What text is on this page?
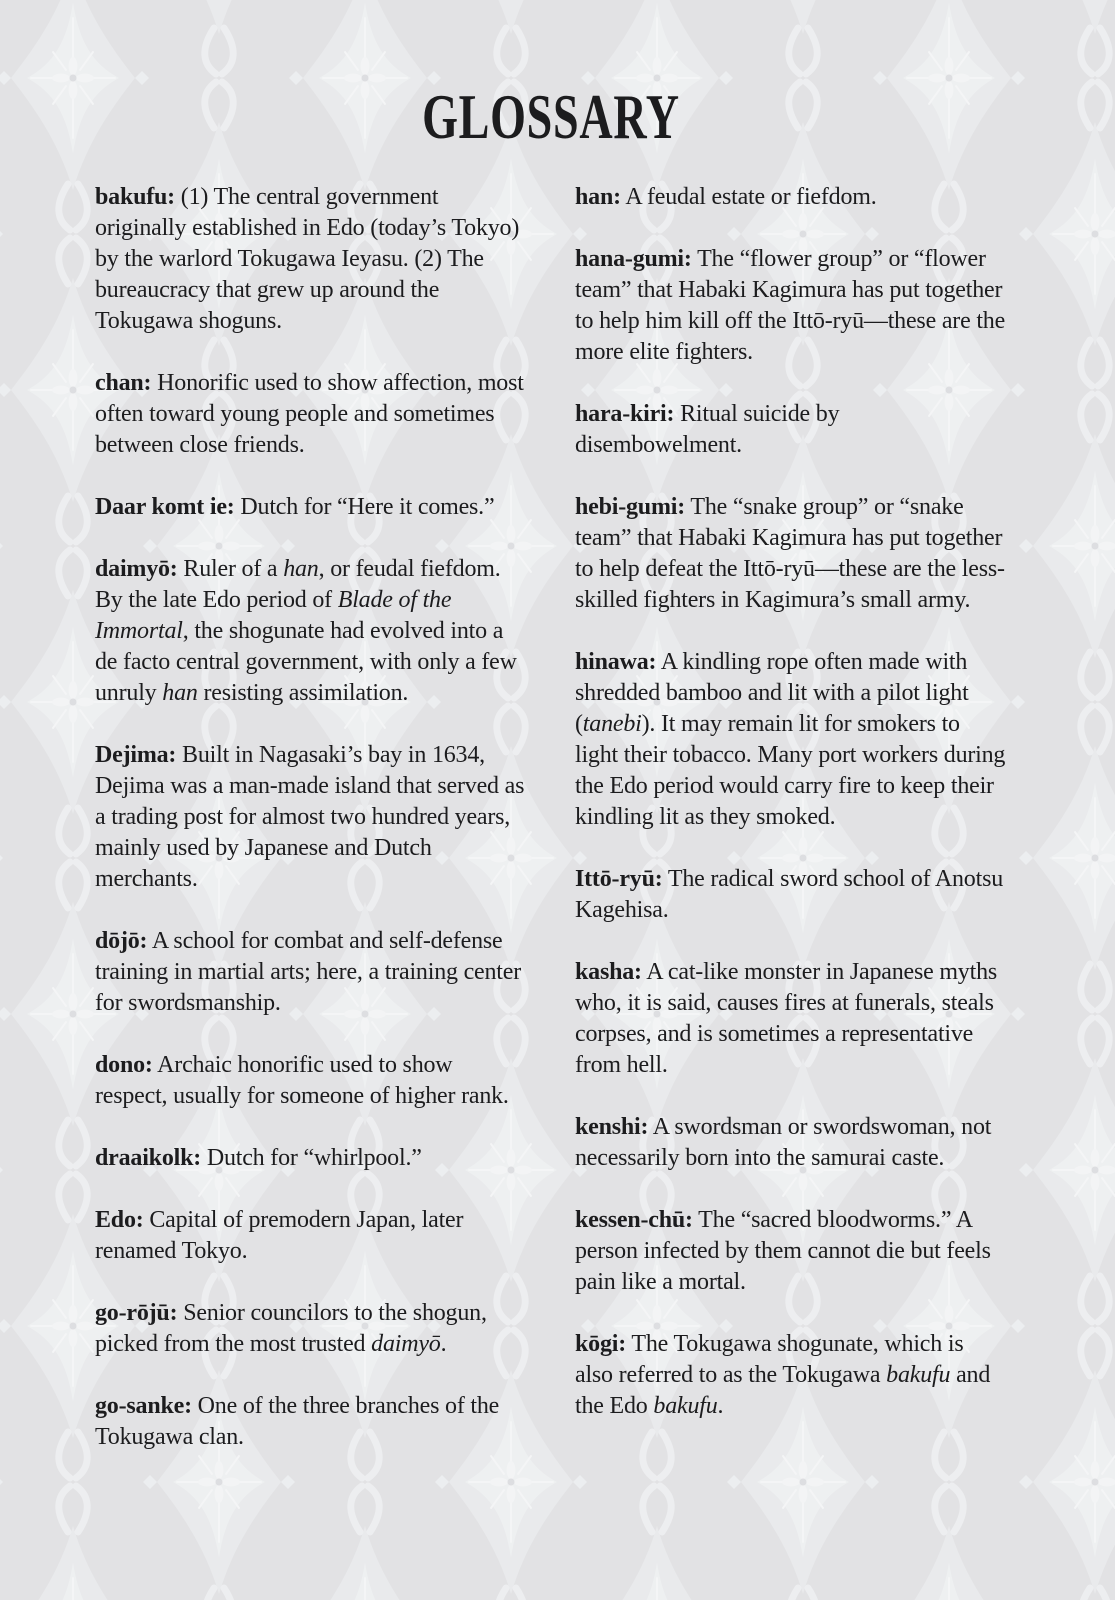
GLOSSARY

bakufu: (1) The central government originally established in Edo (today’s Tokyo) by the warlord Tokugawa Ieyasu. (2) The bureaucracy that grew up around the Tokugawa shoguns.

chan: Honorific used to show affection, most often toward young people and sometimes between close friends.

Daar komt ie: Dutch for “Here it comes.”

daimyō: Ruler of a han, or feudal fiefdom. By the late Edo period of Blade of the Immortal, the shogunate had evolved into a de facto central government, with only a few unruly han resisting assimilation.

Dejima: Built in Nagasaki’s bay in 1634, Dejima was a man-made island that served as a trading post for almost two hundred years, mainly used by Japanese and Dutch merchants.

dōjō: A school for combat and self-defense training in martial arts; here, a training center for swordsmanship.

dono: Archaic honorific used to show respect, usually for someone of higher rank.

draaikolk: Dutch for “whirlpool.”

Edo: Capital of premodern Japan, later renamed Tokyo.

go-rōjū: Senior councilors to the shogun, picked from the most trusted daimyō.

go-sanke: One of the three branches of the Tokugawa clan.

han: A feudal estate or fiefdom.

hana-gumi: The “flower group” or “flower team” that Habaki Kagimura has put together to help him kill off the Ittō-ryū—these are the more elite fighters.

hara-kiri: Ritual suicide by disembowelment.

hebi-gumi: The “snake group” or “snake team” that Habaki Kagimura has put together to help defeat the Ittō-ryū—these are the less-skilled fighters in Kagimura’s small army.

hinawa: A kindling rope often made with shredded bamboo and lit with a pilot light (tanebi). It may remain lit for smokers to light their tobacco. Many port workers during the Edo period would carry fire to keep their kindling lit as they smoked.

Ittō-ryū: The radical sword school of Anotsu Kagehisa.

kasha: A cat-like monster in Japanese myths who, it is said, causes fires at funerals, steals corpses, and is sometimes a representative from hell.

kenshi: A swordsman or swordswoman, not necessarily born into the samurai caste.

kessen-chū: The “sacred bloodworms.” A person infected by them cannot die but feels pain like a mortal.

kōgi: The Tokugawa shogunate, which is also referred to as the Tokugawa bakufu and the Edo bakufu.
